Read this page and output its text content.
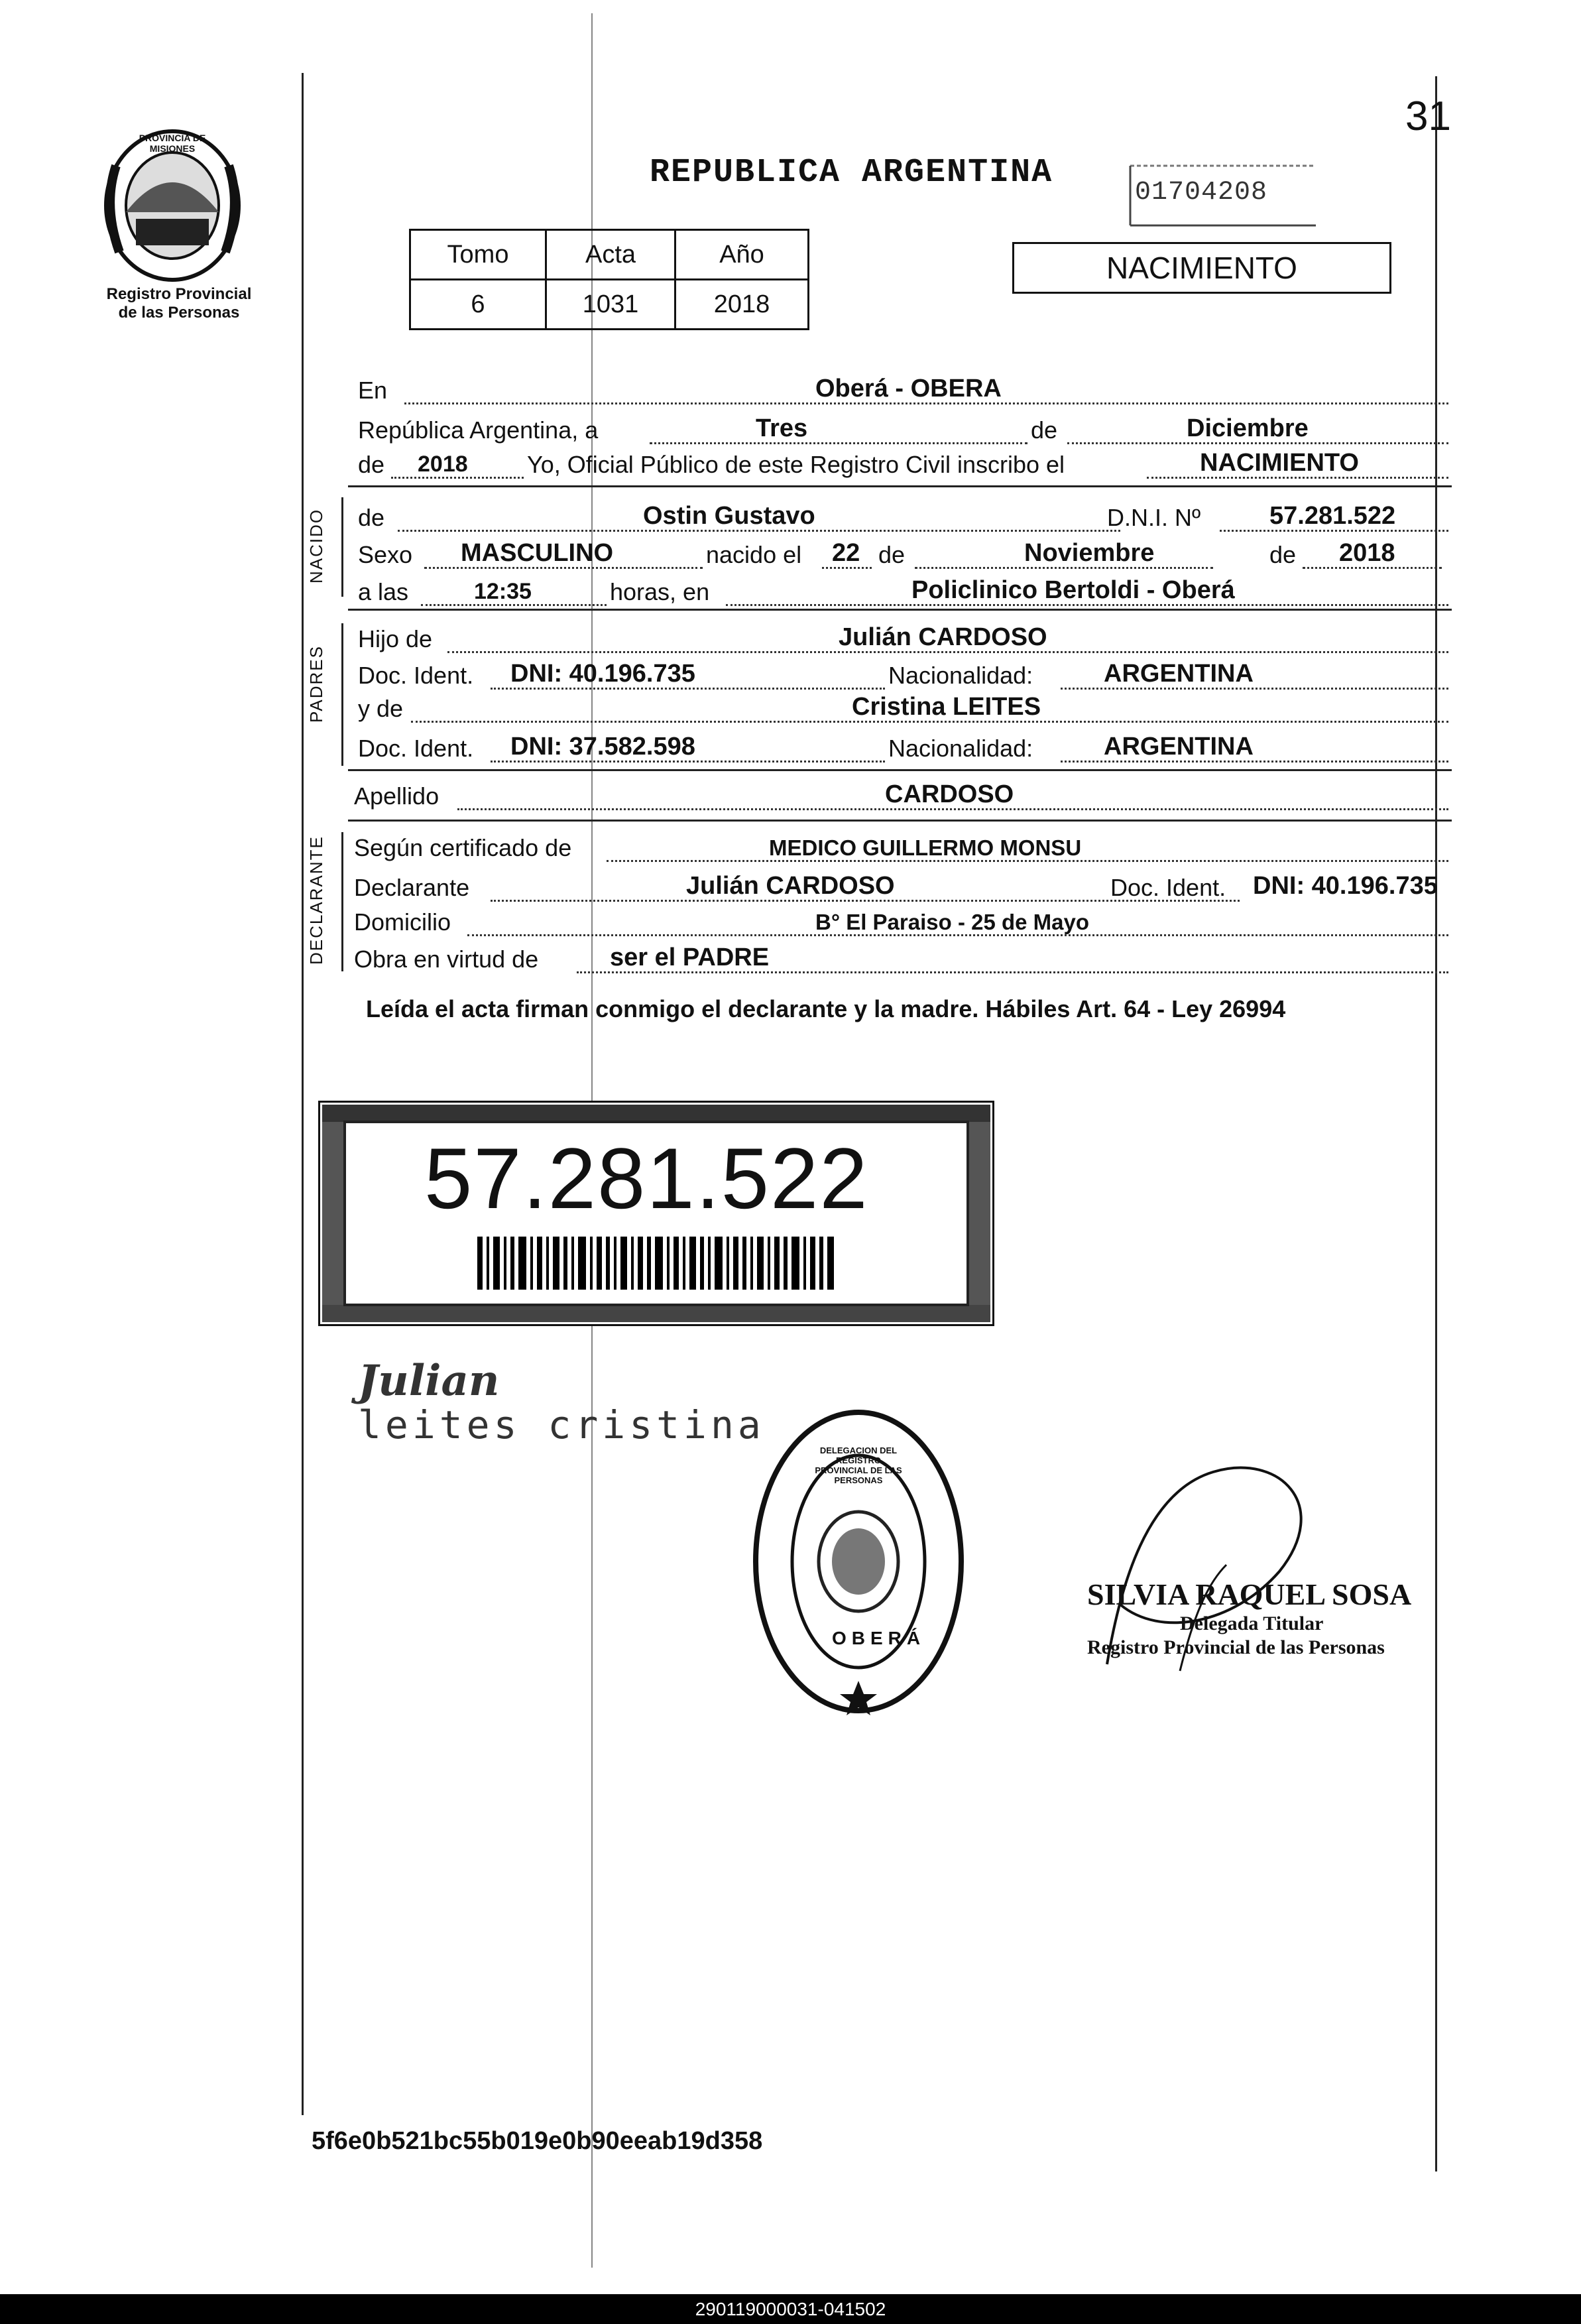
PROVINCIA DE MISIONES
Registro Provincial
de las Personas
31
REPUBLICA ARGENTINA
01704208
Tomo	Acta	Año
6	1031	2018
NACIMIENTO
En	Oberá - OBERA
República Argentina, a	Tres	de	Diciembre
de 2018 Yo, Oficial Público de este Registro Civil inscribo el	NACIMIENTO
NACIDO de	Ostin Gustavo	D.N.I. Nº	57.281.522
Sexo MASCULINO	nacido el 22 de	Noviembre	de 2018
a las	12:35	horas, en	Policlinico Bertoldi - Oberá
PADRES
Hijo de	Julián CARDOSO
Doc. Ident. DNI: 40.196.735	Nacionalidad:	ARGENTINA
y de	Cristina LEITES
Doc. Ident. DNI: 37.582.598	Nacionalidad:	ARGENTINA
Apellido	CARDOSO
DECLARANTE Según certificado de	MEDICO GUILLERMO MONSU
Declarante	Julián CARDOSO	Doc. Ident. DNI: 40.196.735
Domicilio	B° El Paraiso - 25 de Mayo
Obra en virtud de	ser el PADRE
Leída el acta firman conmigo el declarante y la madre. Hábiles Art. 64 - Ley 26994
57.281.522
Julian
leites cristina
DELEGACION DEL REGISTRO PROVINCIAL DE LAS PERSONAS
OBERÁ
SILVIA RAQUEL SOSA
Delegada Titular
Registro Provincial de las Personas
5f6e0b521bc55b019e0b90eeab19d358
290119000031-041502
